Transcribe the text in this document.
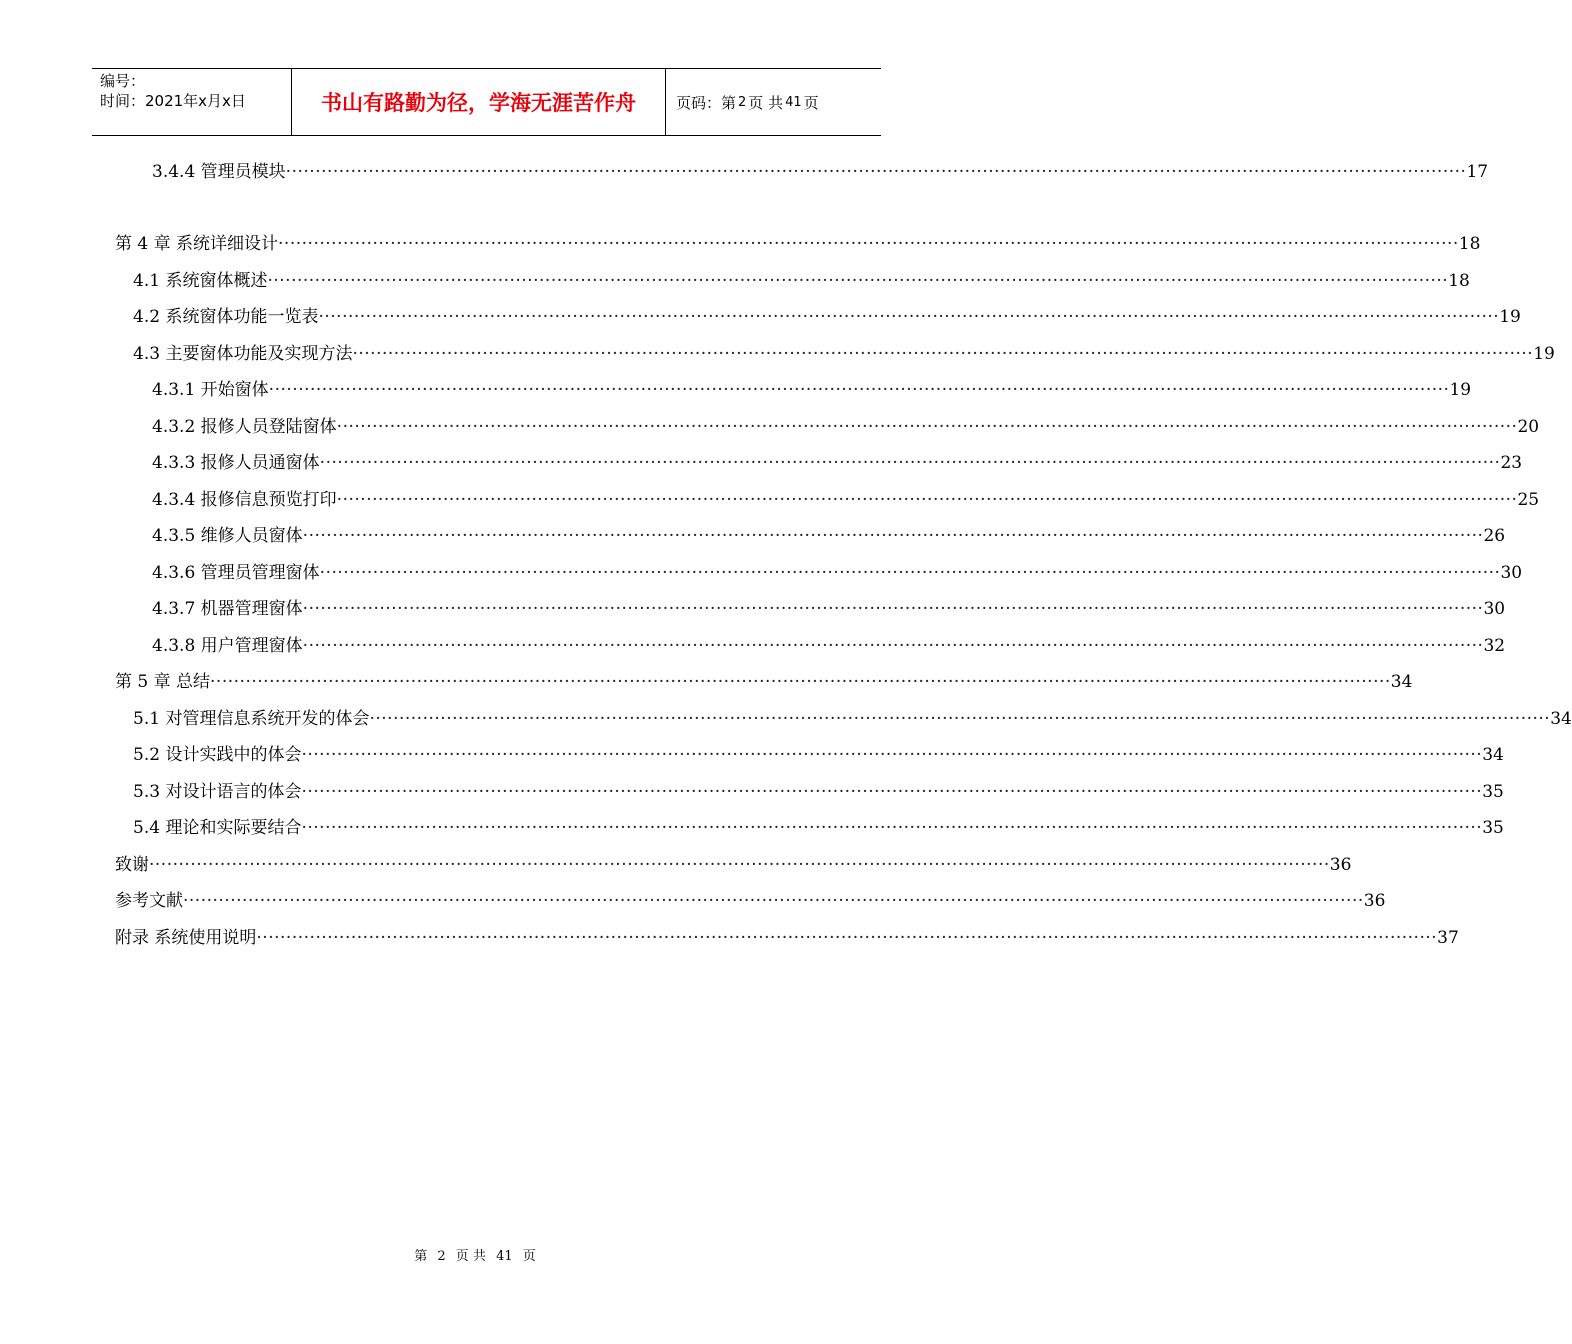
编号：
时间：2021年x月x日	书山有路勤为径，学海无涯苦作舟	页码：第 2 页 共 41 页
3.4.4 管理员模块 ········································································································································································································ 17
第 4 章 系统详细设计 ········································································································································································································ 18
4.1 系统窗体概述 ········································································································································································································ 18
4.2 系统窗体功能一览表 ········································································································································································································ 19
4.3 主要窗体功能及实现方法 ········································································································································································································ 19
4.3.1 开始窗体 ········································································································································································································ 19
4.3.2 报修人员登陆窗体 ········································································································································································································ 20
4.3.3 报修人员通窗体 ········································································································································································································ 23
4.3.4 报修信息预览打印 ········································································································································································································ 25
4.3.5 维修人员窗体 ········································································································································································································ 26
4.3.6 管理员管理窗体 ········································································································································································································ 30
4.3.7 机器管理窗体 ········································································································································································································ 30
4.3.8 用户管理窗体 ········································································································································································································ 32
第 5 章 总结 ········································································································································································································ 34
5.1 对管理信息系统开发的体会 ········································································································································································································ 34
5.2 设计实践中的体会 ········································································································································································································ 34
5.3 对设计语言的体会 ········································································································································································································ 35
5.4 理论和实际要结合 ········································································································································································································ 35
致谢 ········································································································································································································ 36
参考文献 ········································································································································································································ 36
附录 系统使用说明 ········································································································································································································ 37
第 2 页 共 41 页
